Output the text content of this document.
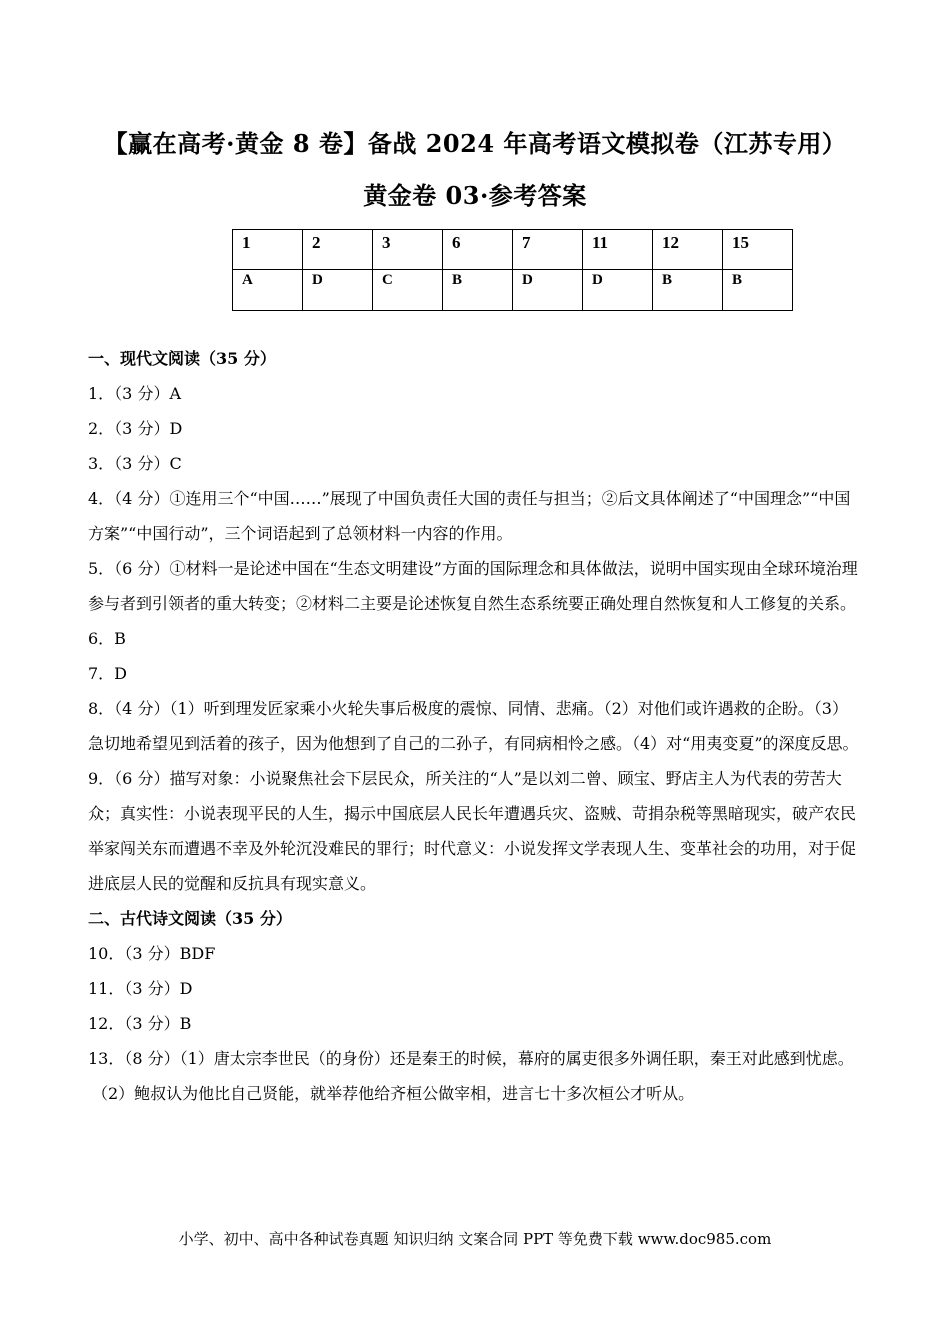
【赢在高考·黄金 8 卷】备战 2024 年高考语文模拟卷（江苏专用）
黄金卷 03·参考答案
1	2	3	6	7	11	12	15
A	D	C	B	D	D	B	B

一、现代文阅读（35 分）

1．（3 分）A

2．（3 分）D

3．（3 分）C

4．（4 分）①连用三个“中国……”展现了中国负责任大国的责任与担当；②后文具体阐述了“中国理念”“中国方案”“中国行动”，三个词语起到了总领材料一内容的作用。

5．（6 分）①材料一是论述中国在“生态文明建设”方面的国际理念和具体做法，说明中国实现由全球环境治理参与者到引领者的重大转变；②材料二主要是论述恢复自然生态系统要正确处理自然恢复和人工修复的关系。

6．B

7．D

8．（4 分）（1）听到理发匠家乘小火轮失事后极度的震惊、同情、悲痛。（2）对他们或许遇救的企盼。（3）急切地希望见到活着的孩子，因为他想到了自己的二孙子，有同病相怜之感。（4）对“用夷变夏”的深度反思。

9．（6 分）描写对象：小说聚焦社会下层民众，所关注的“人”是以刘二曾、顾宝、野店主人为代表的劳苦大众；真实性：小说表现平民的人生，揭示中国底层人民长年遭遇兵灾、盗贼、苛捐杂税等黑暗现实，破产农民举家闯关东而遭遇不幸及外轮沉没难民的罪行；时代意义：小说发挥文学表现人生、变革社会的功用，对于促进底层人民的觉醒和反抗具有现实意义。

二、古代诗文阅读（35 分）

10．（3 分）BDF

11．（3 分）D

12．（3 分）B

13．（8 分）（1）唐太宗李世民（的身份）还是秦王的时候，幕府的属吏很多外调任职，秦王对此感到忧虑。

（2）鲍叔认为他比自己贤能，就举荐他给齐桓公做宰相，进言七十多次桓公才听从。

小学、初中、高中各种试卷真题 知识归纳 文案合同 PPT 等免费下载 www.doc985.com
